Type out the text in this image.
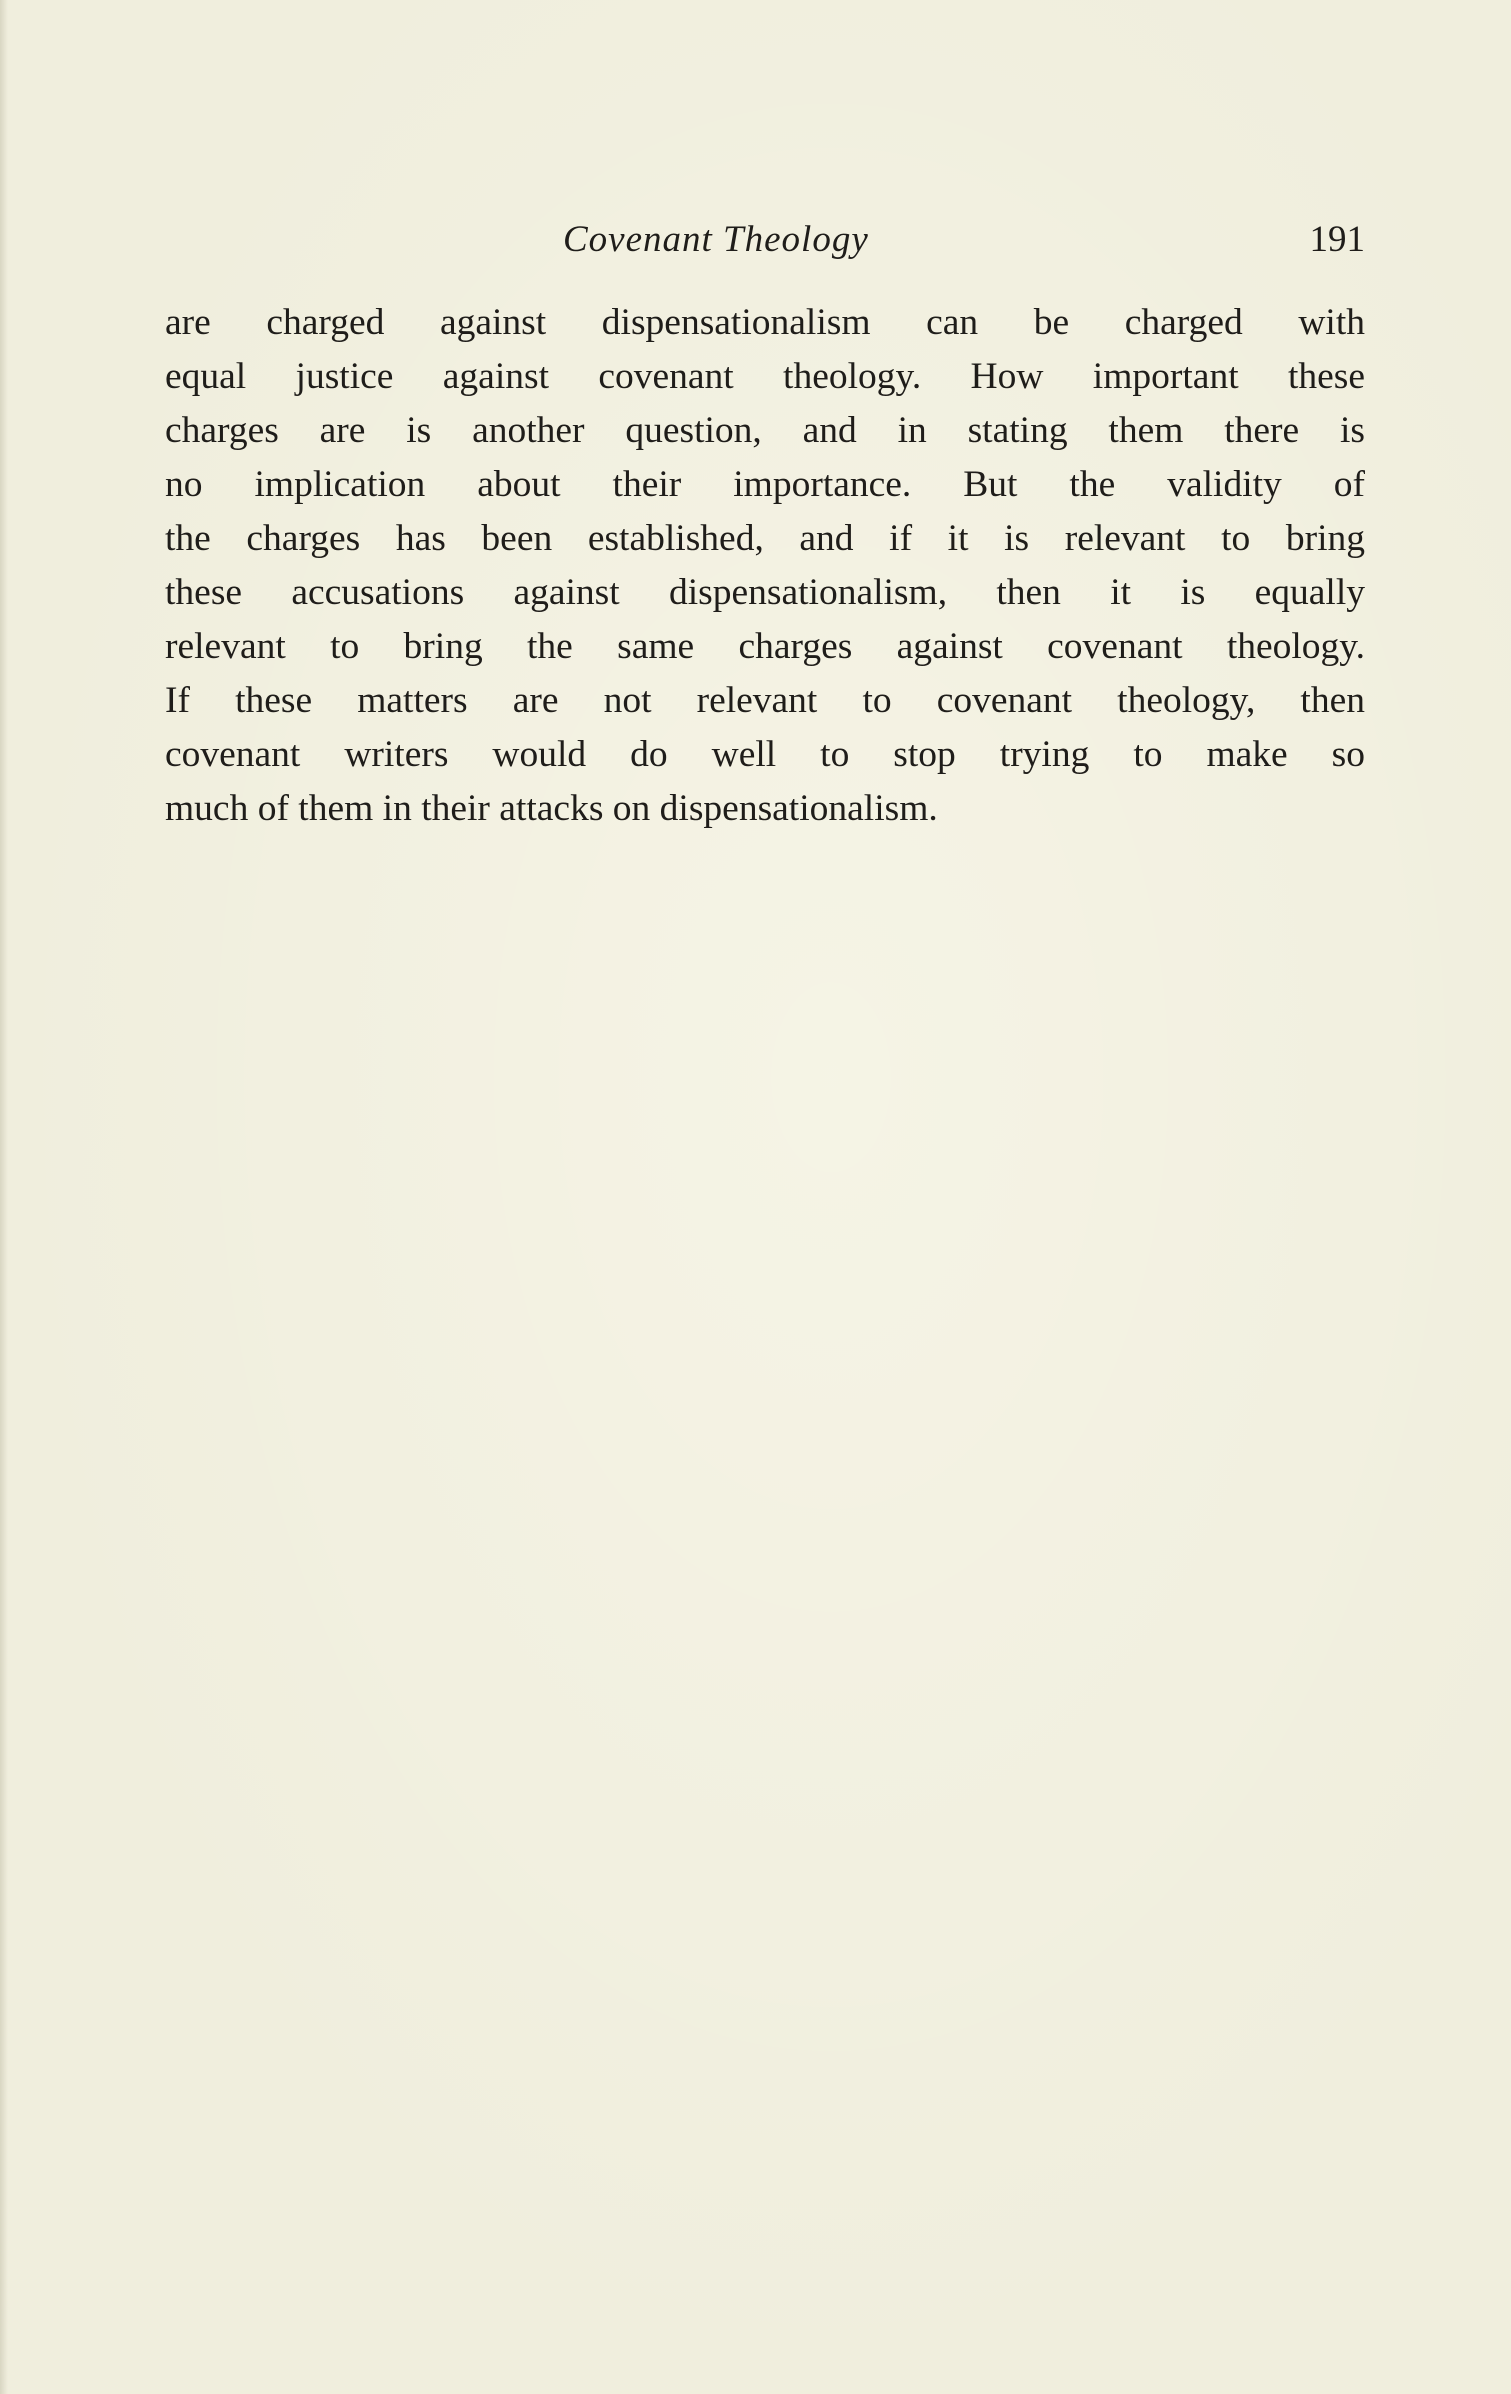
Covenant Theology	191
are charged against dispensationalism can be charged with
equal justice against covenant theology. How important these
charges are is another question, and in stating them there is
no implication about their importance. But the validity of
the charges has been established, and if it is relevant to bring
these accusations against dispensationalism, then it is equally
relevant to bring the same charges against covenant theology.
If these matters are not relevant to covenant theology, then
covenant writers would do well to stop trying to make so
much of them in their attacks on dispensationalism.
